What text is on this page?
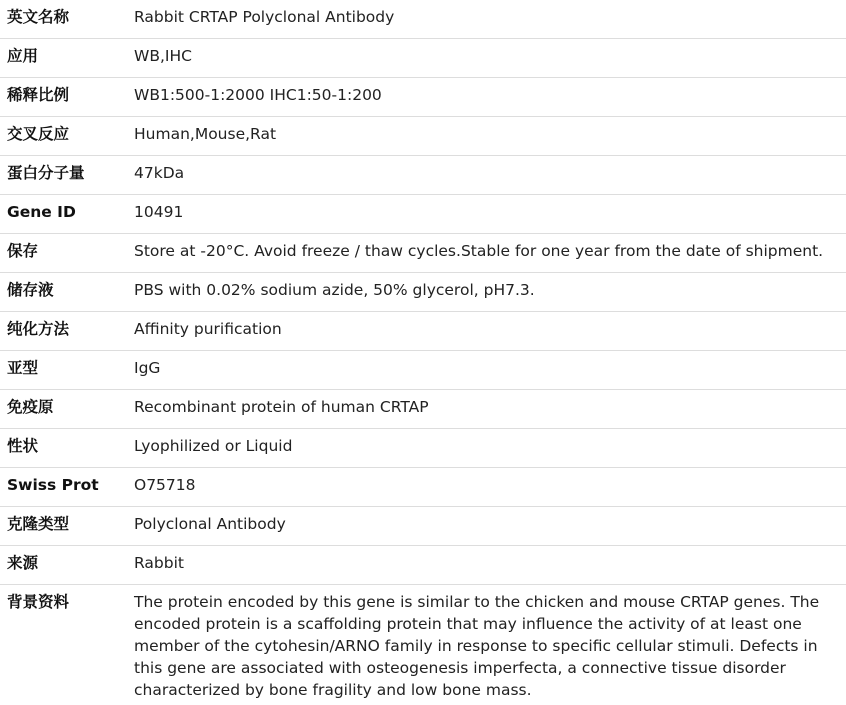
英文名称	Rabbit CRTAP Polyclonal Antibody
应用	WB,IHC
稀释比例	WB1:500-1:2000 IHC1:50-1:200
交叉反应	Human,Mouse,Rat
蛋白分子量	47kDa
Gene ID	10491
保存	Store at -20°C. Avoid freeze / thaw cycles.Stable for one year from the date of shipment.
储存液	PBS with 0.02% sodium azide, 50% glycerol, pH7.3.
纯化方法	Affinity purification
亚型	IgG
免疫原	Recombinant protein of human CRTAP
性状	Lyophilized or Liquid
Swiss Prot	O75718
克隆类型	Polyclonal Antibody
来源	Rabbit
背景资料	The protein encoded by this gene is similar to the chicken and mouse CRTAP genes. The encoded protein is a scaffolding protein that may influence the activity of at least one member of the cytohesin/ARNO family in response to specific cellular stimuli. Defects in this gene are associated with osteogenesis imperfecta, a connective tissue disorder characterized by bone fragility and low bone mass.
